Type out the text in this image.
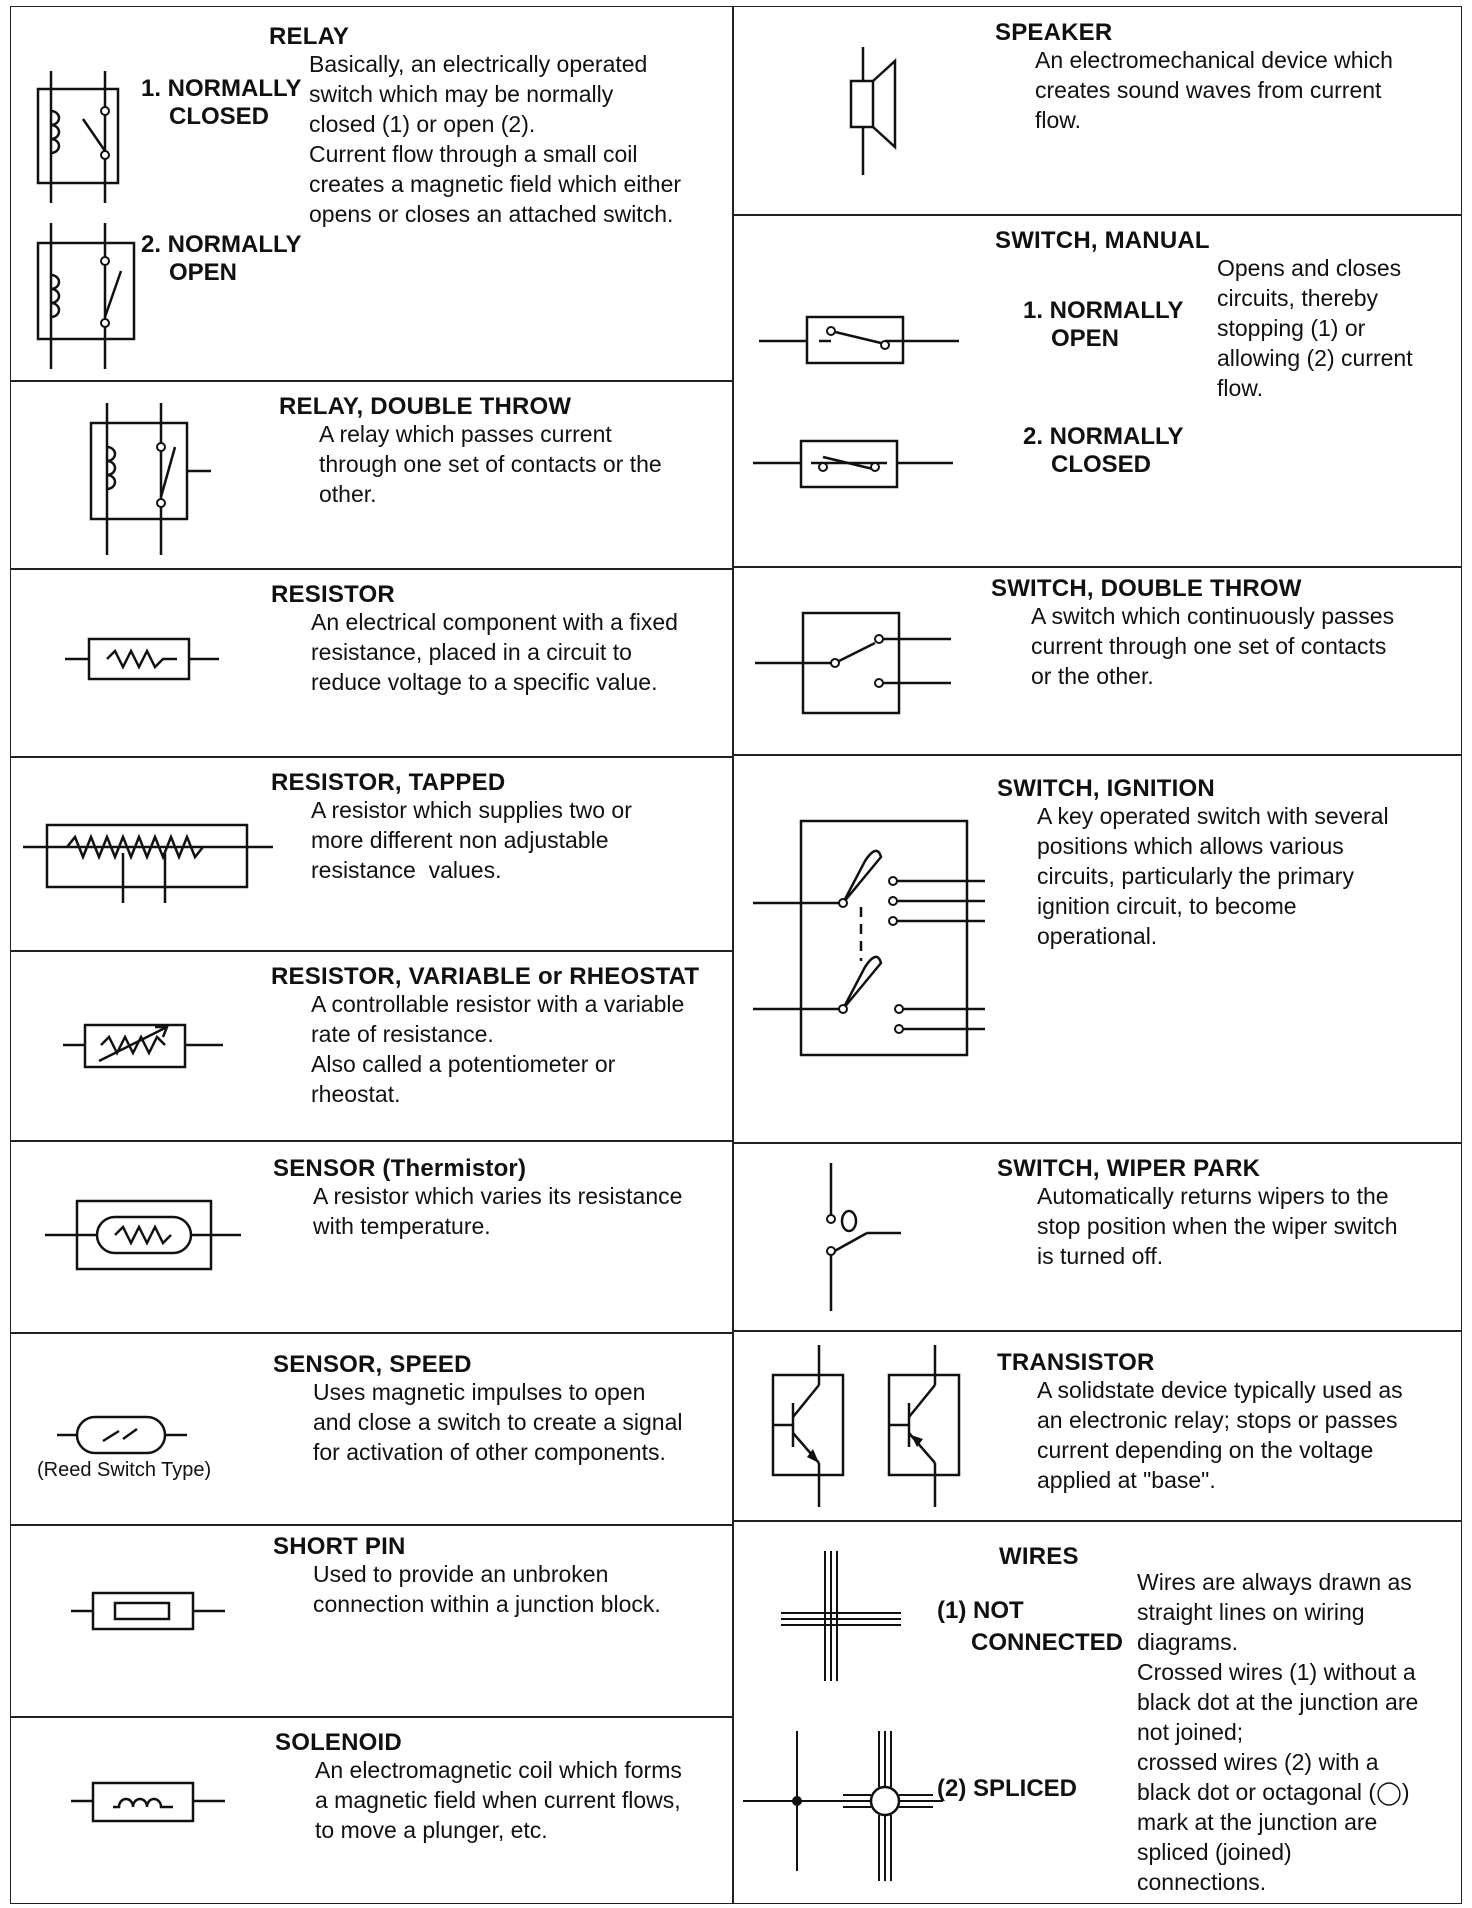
RELAY
Basically, an electrically operated
switch which may be normally
closed (1) or open (2).
Current flow through a small coil
creates a magnetic field which either
opens or closes an attached switch.
1. NORMALLY
CLOSED
2. NORMALLY
OPEN
RELAY, DOUBLE THROW
A relay which passes current
through one set of contacts or the
other.
RESISTOR
An electrical component with a fixed
resistance, placed in a circuit to
reduce voltage to a specific value.
RESISTOR, TAPPED
A resistor which supplies two or
more different non adjustable
resistance  values.
RESISTOR, VARIABLE or RHEOSTAT
A controllable resistor with a variable
rate of resistance.
Also called a potentiometer or
rheostat.
SENSOR (Thermistor)
A resistor which varies its resistance
with temperature.
SENSOR, SPEED
Uses magnetic impulses to open
and close a switch to create a signal
for activation of other components.
(Reed Switch Type)
SHORT PIN
Used to provide an unbroken
connection within a junction block.
SOLENOID
An electromagnetic coil which forms
a magnetic field when current flows,
to move a plunger, etc.
SPEAKER
An electromechanical device which
creates sound waves from current
flow.
SWITCH, MANUAL
Opens and closes
circuits, thereby
stopping (1) or
allowing (2) current
flow.
1. NORMALLY
OPEN
2. NORMALLY
CLOSED
SWITCH, DOUBLE THROW
A switch which continuously passes
current through one set of contacts
or the other.
SWITCH, IGNITION
A key operated switch with several
positions which allows various
circuits, particularly the primary
ignition circuit, to become
operational.
SWITCH, WIPER PARK
Automatically returns wipers to the
stop position when the wiper switch
is turned off.
TRANSISTOR
A solidstate device typically used as
an electronic relay; stops or passes
current depending on the voltage
applied at "base".
WIRES
(1) NOT
CONNECTED
(2) SPLICED
Wires are always drawn as
straight lines on wiring
diagrams.
Crossed wires (1) without a
black dot at the junction are
not joined;
crossed wires (2) with a
black dot or octagonal (◯)
mark at the junction are
spliced (joined)
connections.
